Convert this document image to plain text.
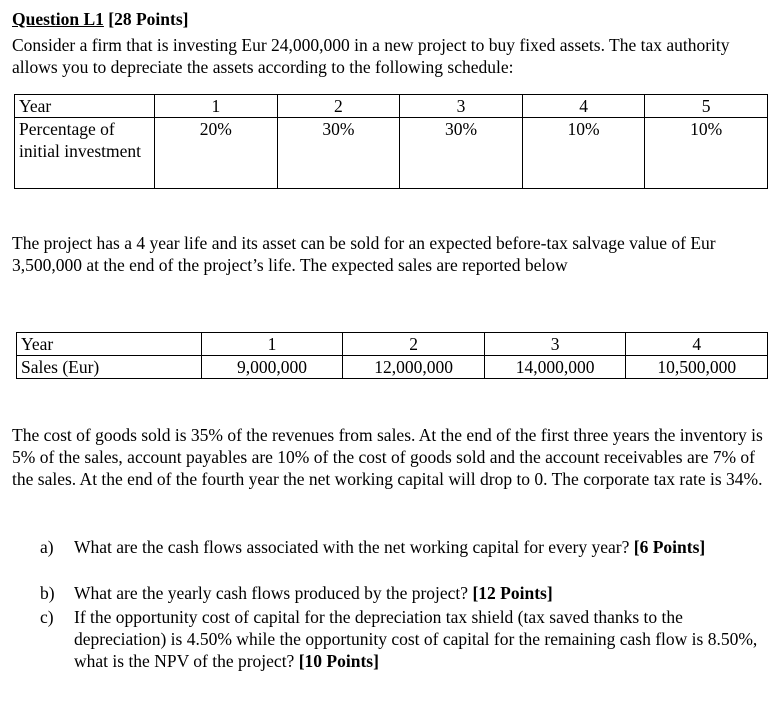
Question L1 [28 Points]
Consider a firm that is investing Eur 24,000,000 in a new project to buy fixed assets. The tax authority allows you to depreciate the assets according to the following schedule:
Year	1	2	3	4	5
Percentage of initial investment	20%	30%	30%	10%	10%
The project has a 4 year life and its asset can be sold for an expected before-tax salvage value of Eur 3,500,000 at the end of the project’s life. The expected sales are reported below
Year	1	2	3	4
Sales (Eur)	9,000,000	12,000,000	14,000,000	10,500,000
The cost of goods sold is 35% of the revenues from sales. At the end of the first three years the inventory is 5% of the sales, account payables are 10% of the cost of goods sold and the account receivables are 7% of the sales. At the end of the fourth year the net working capital will drop to 0. The corporate tax rate is 34%.
a) What are the cash flows associated with the net working capital for every year? [6 Points]
b) What are the yearly cash flows produced by the project? [12 Points]
c) If the opportunity cost of capital for the depreciation tax shield (tax saved thanks to the depreciation) is 4.50% while the opportunity cost of capital for the remaining cash flow is 8.50%, what is the NPV of the project? [10 Points]
